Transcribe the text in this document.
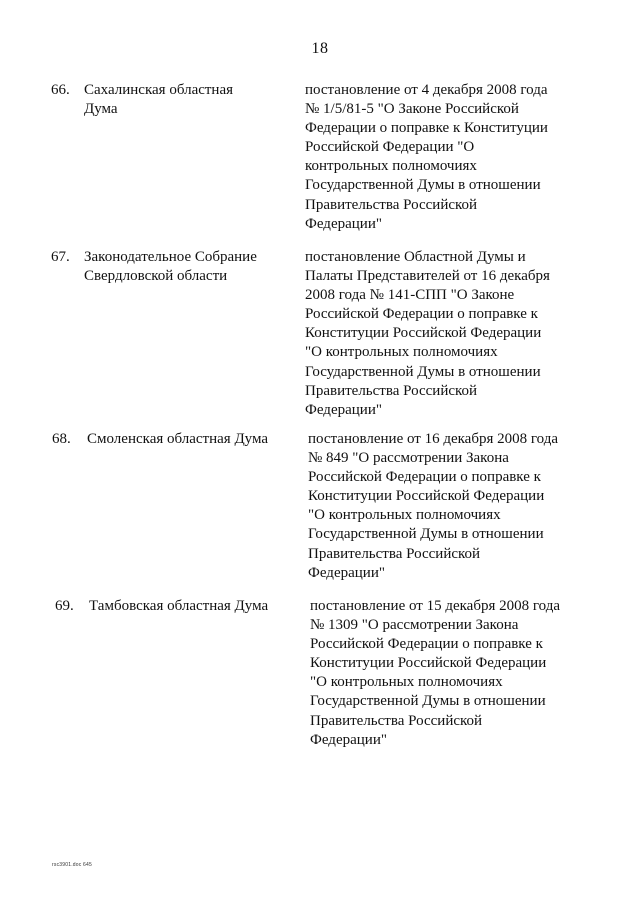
18
66. Сахалинская областная
Дума
постановление от 4 декабря 2008 года
№ 1/5/81-5 "О Законе Российской
Федерации о поправке к Конституции
Российской Федерации "О
контрольных полномочиях
Государственной Думы в отношении
Правительства Российской
Федерации"
67. Законодательное Собрание
Свердловской области
постановление Областной Думы и
Палаты Представителей от 16 декабря
2008 года № 141-СПП "О Законе
Российской Федерации о поправке к
Конституции Российской Федерации
"О контрольных полномочиях
Государственной Думы в отношении
Правительства Российской
Федерации"
68. Смоленская областная Дума	постановление от 16 декабря 2008 года
№ 849 "О рассмотрении Закона
Российской Федерации о поправке к
Конституции Российской Федерации
"О контрольных полномочиях
Государственной Думы в отношении
Правительства Российской
Федерации"
69. Тамбовская областная Дума	постановление от 15 декабря 2008 года
№ 1309 "О рассмотрении Закона
Российской Федерации о поправке к
Конституции Российской Федерации
"О контрольных полномочиях
Государственной Думы в отношении
Правительства Российской
Федерации"
rsc3901.doc 645
